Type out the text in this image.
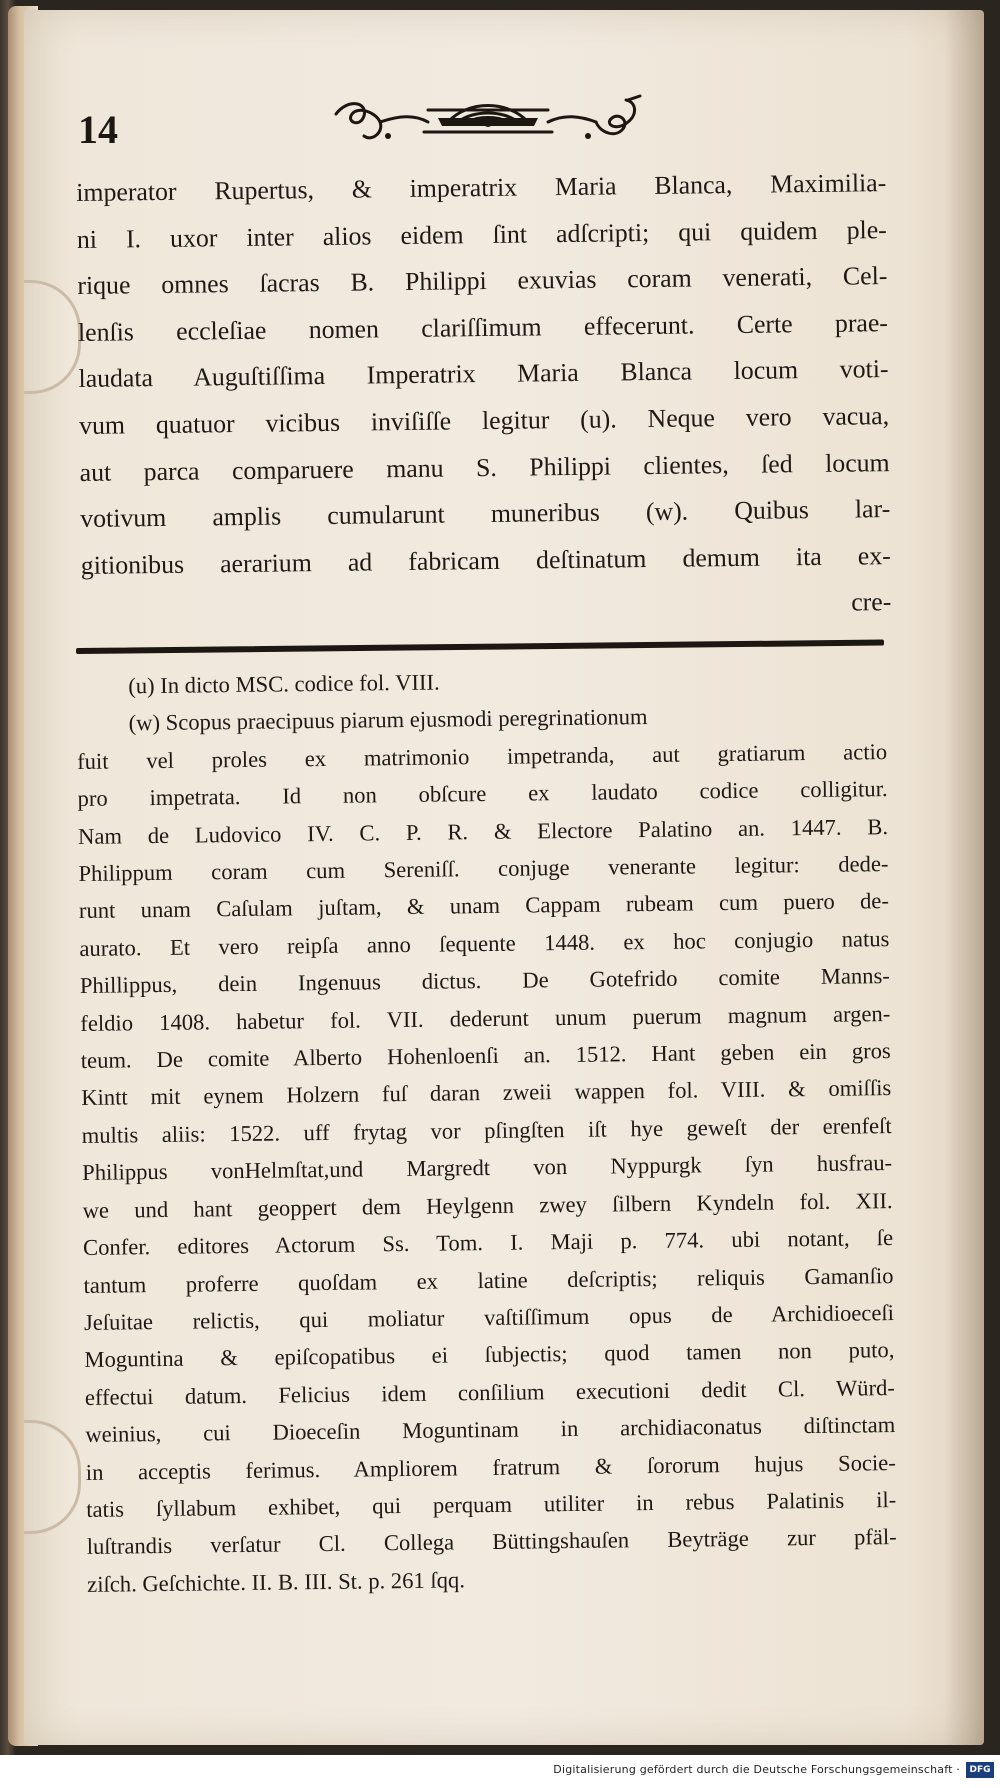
14
imperator Rupertus, & imperatrix Maria Blanca, Maximilia-
ni I. uxor inter alios eidem ſint adſcripti; qui quidem ple-
rique omnes ſacras B. Philippi exuvias coram venerati, Cel-
lenſis eccleſiae nomen clariſſimum effecerunt. Certe prae-
laudata Auguſtiſſima Imperatrix Maria Blanca locum voti-
vum quatuor vicibus inviſiſſe legitur (u). Neque vero vacua,
aut parca comparuere manu S. Philippi clientes, ſed locum
votivum amplis cumularunt muneribus (w). Quibus lar-
gitionibus aerarium ad fabricam deſtinatum demum ita ex-
cre-
(u) In dicto MSC. codice fol. VIII.
(w) Scopus praecipuus piarum ejusmodi peregrinationum
fuit vel proles ex matrimonio impetranda, aut gratiarum actio
pro impetrata. Id non obſcure ex laudato codice colligitur.
Nam de Ludovico IV. C. P. R. & Electore Palatino an. 1447. B.
Philippum coram cum Sereniſſ. conjuge venerante legitur: dede-
runt unam Caſulam juſtam, & unam Cappam rubeam cum puero de-
aurato. Et vero reipſa anno ſequente 1448. ex hoc conjugio natus
Phillippus, dein Ingenuus dictus. De Gotefrido comite Manns-
feldio 1408. habetur fol. VII. dederunt unum puerum magnum argen-
teum. De comite Alberto Hohenloenſi an. 1512. Hant geben ein gros
Kintt mit eynem Holzern fuſ daran zweii wappen fol. VIII. & omiſſis
multis aliis: 1522. uff frytag vor pſingſten iſt hye geweſt der erenfeſt
Philippus vonHelmſtat,und Margredt von Nyppurgk ſyn husfrau-
we und hant geoppert dem Heylgenn zwey ſilbern Kyndeln fol. XII.
Confer. editores Actorum Ss. Tom. I. Maji p. 774. ubi notant, ſe
tantum proferre quoſdam ex latine deſcriptis; reliquis Gamanſio
Jeſuitae relictis, qui moliatur vaſtiſſimum opus de Archidioeceſi
Moguntina & epiſcopatibus ei ſubjectis; quod tamen non puto,
effectui datum. Felicius idem conſilium executioni dedit Cl. Würd-
weinius, cui Dioeceſin Moguntinam in archidiaconatus diſtinctam
in acceptis ferimus. Ampliorem fratrum & ſororum hujus Socie-
tatis ſyllabum exhibet, qui perquam utiliter in rebus Palatinis il-
luſtrandis verſatur Cl. Collega Büttingshauſen Beyträge zur pfäl-
ziſch. Geſchichte. II. B. III. St. p. 261 ſqq.
Digitalisierung gefördert durch die Deutsche Forschungsgemeinschaft ·	DFG
